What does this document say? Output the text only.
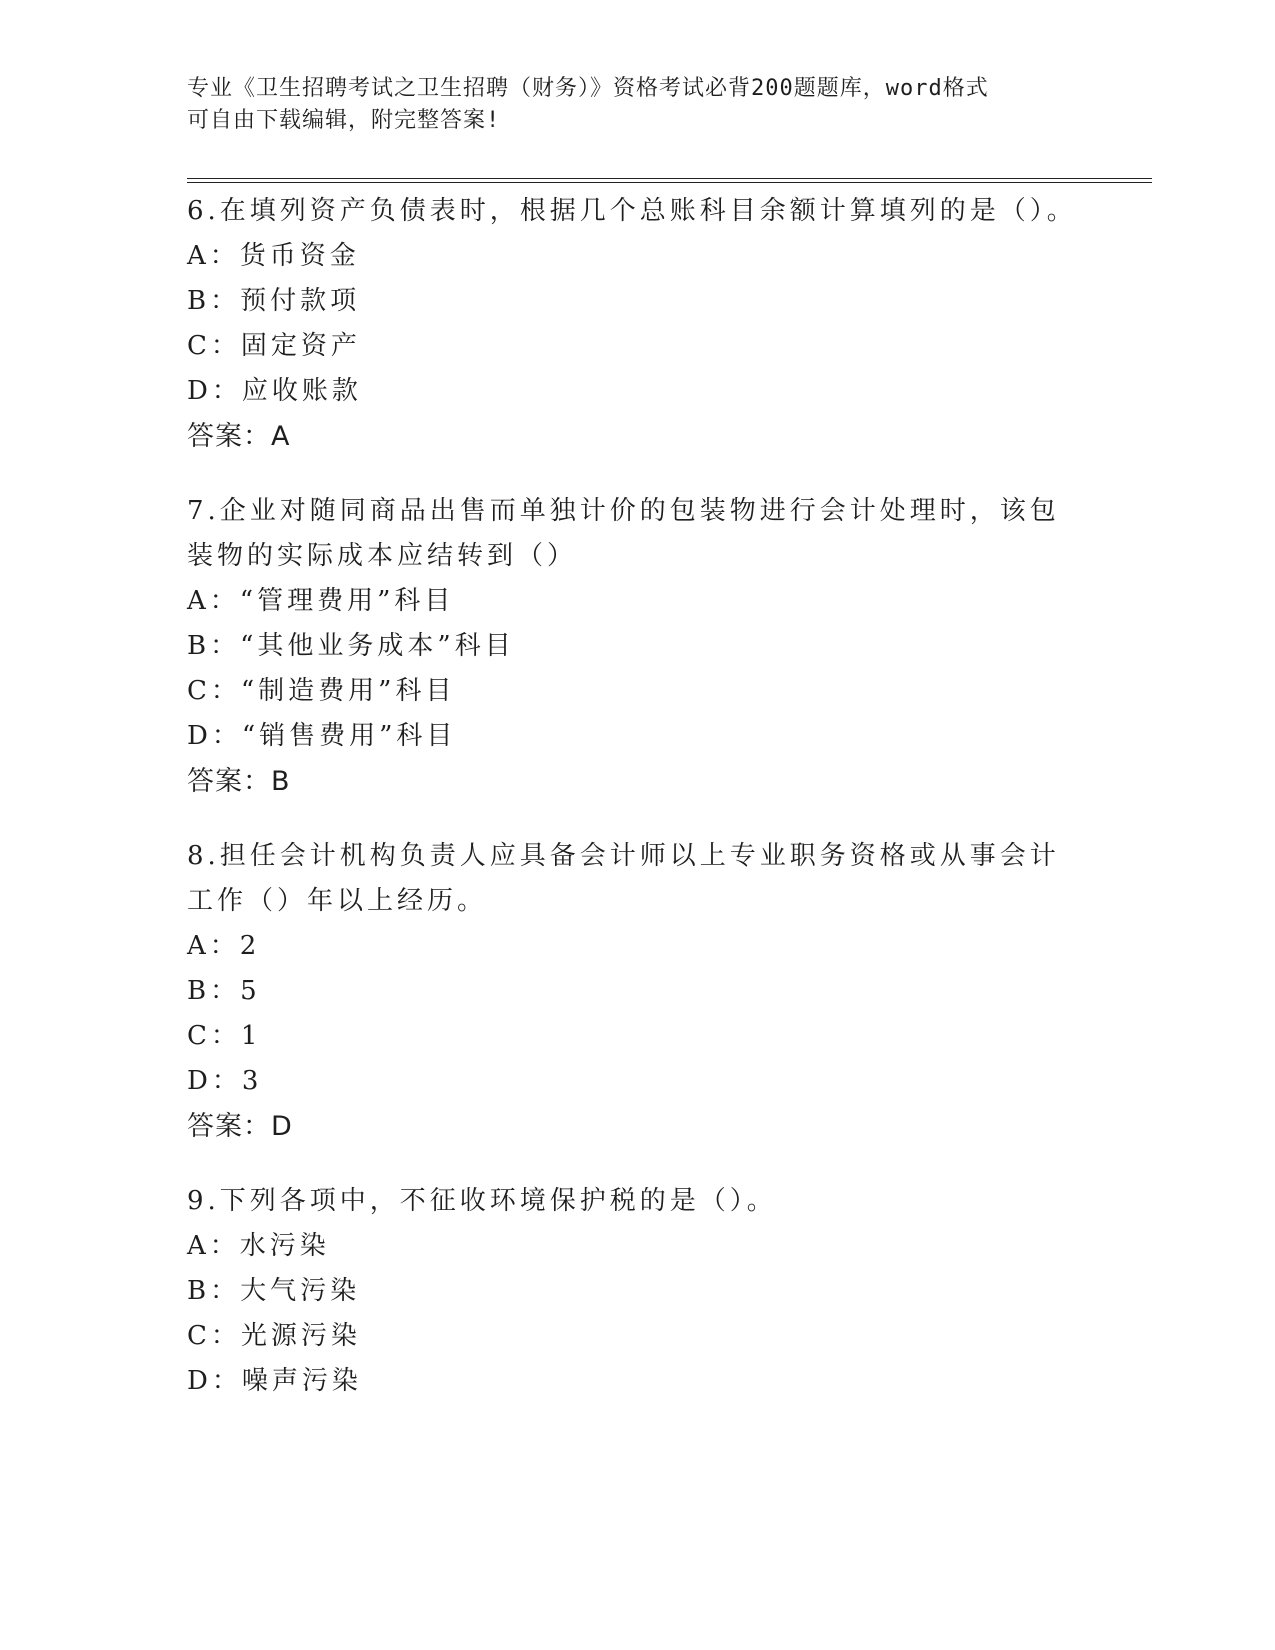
专业《卫生招聘考试之卫生招聘（财务）》资格考试必背200题题库，word格式
可自由下载编辑，附完整答案!
6.在填列资产负债表时，根据几个总账科目余额计算填列的是（）。
A：货币资金
B：预付款项
C：固定资产
D：应收账款
答案：A
7.企业对随同商品出售而单独计价的包装物进行会计处理时，该包装物的实际成本应结转到（）
A：“管理费用”科目
B：“其他业务成本”科目
C：“制造费用”科目
D：“销售费用”科目
答案：B
8.担任会计机构负责人应具备会计师以上专业职务资格或从事会计工作（）年以上经历。
A：2
B：5
C：1
D：3
答案：D
9.下列各项中，不征收环境保护税的是（）。
A：水污染
B：大气污染
C：光源污染
D：噪声污染
